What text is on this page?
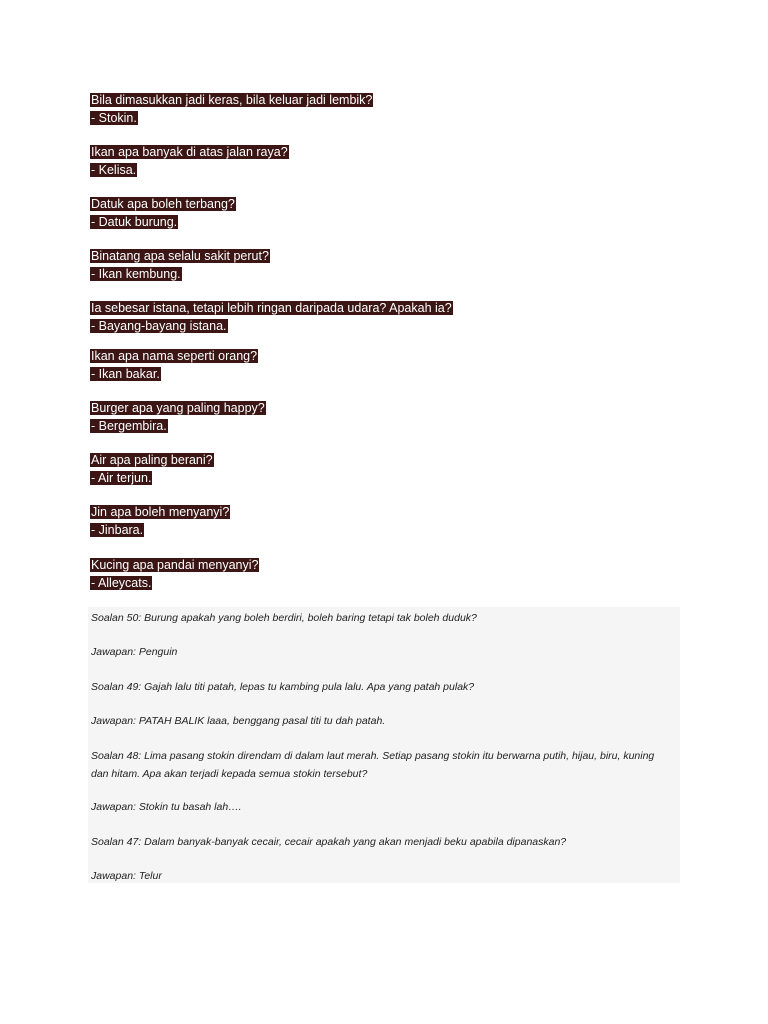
Bila dimasukkan jadi keras, bila keluar jadi lembik?
- Stokin.
Ikan apa banyak di atas jalan raya?
- Kelisa.
Datuk apa boleh terbang?
- Datuk burung.
Binatang apa selalu sakit perut?
- Ikan kembung.
Ia sebesar istana, tetapi lebih ringan daripada udara? Apakah ia?
- Bayang-bayang istana.
Ikan apa nama seperti orang?
- Ikan bakar.
Burger apa yang paling happy?
- Bergembira.
Air apa paling berani?
- Air terjun.
Jin apa boleh menyanyi?
- Jinbara.
Kucing apa pandai menyanyi?
- Alleycats.
Soalan 50: Burung apakah yang boleh berdiri, boleh baring tetapi tak boleh duduk?
Jawapan: Penguin
Soalan 49: Gajah lalu titi patah, lepas tu kambing pula lalu. Apa yang patah pulak?
Jawapan: PATAH BALIK laaa, benggang pasal titi tu dah patah.
Soalan 48: Lima pasang stokin direndam di dalam laut merah. Setiap pasang stokin itu berwarna putih, hijau, biru, kuning dan hitam. Apa akan terjadi kepada semua stokin tersebut?
Jawapan: Stokin tu basah lah….
Soalan 47: Dalam banyak-banyak cecair, cecair apakah yang akan menjadi beku apabila dipanaskan?
Jawapan: Telur
